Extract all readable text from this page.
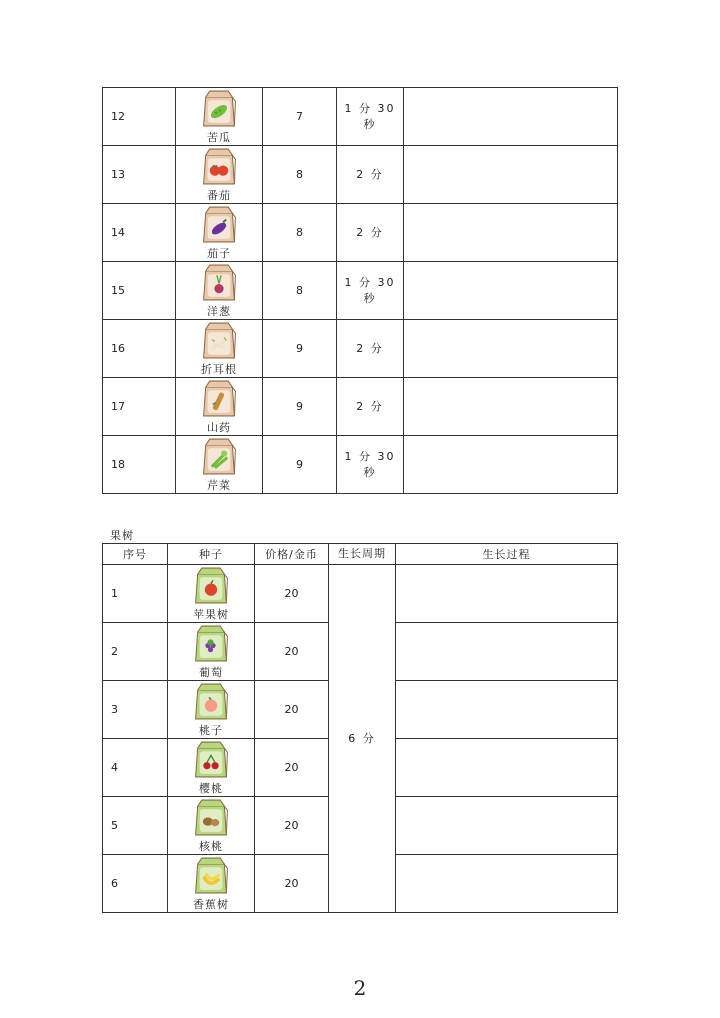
12	苦瓜	7	1 分 30
秒	

13	番茄	8	2 分	

14	茄子	8	2 分	

15	洋葱	8	1 分 30
秒	

16	折耳根	9	2 分	

17	山药	9	2 分	

18	芹菜	9	1 分 30
秒	

果树
序号	种子	价格/金币	生长周期	生长过程
1	苹果树	20	6 分	

2	葡萄	20		
3	桃子	20		
4	樱桃	20		
5	核桃	20		
6	香蕉树	20		
2
